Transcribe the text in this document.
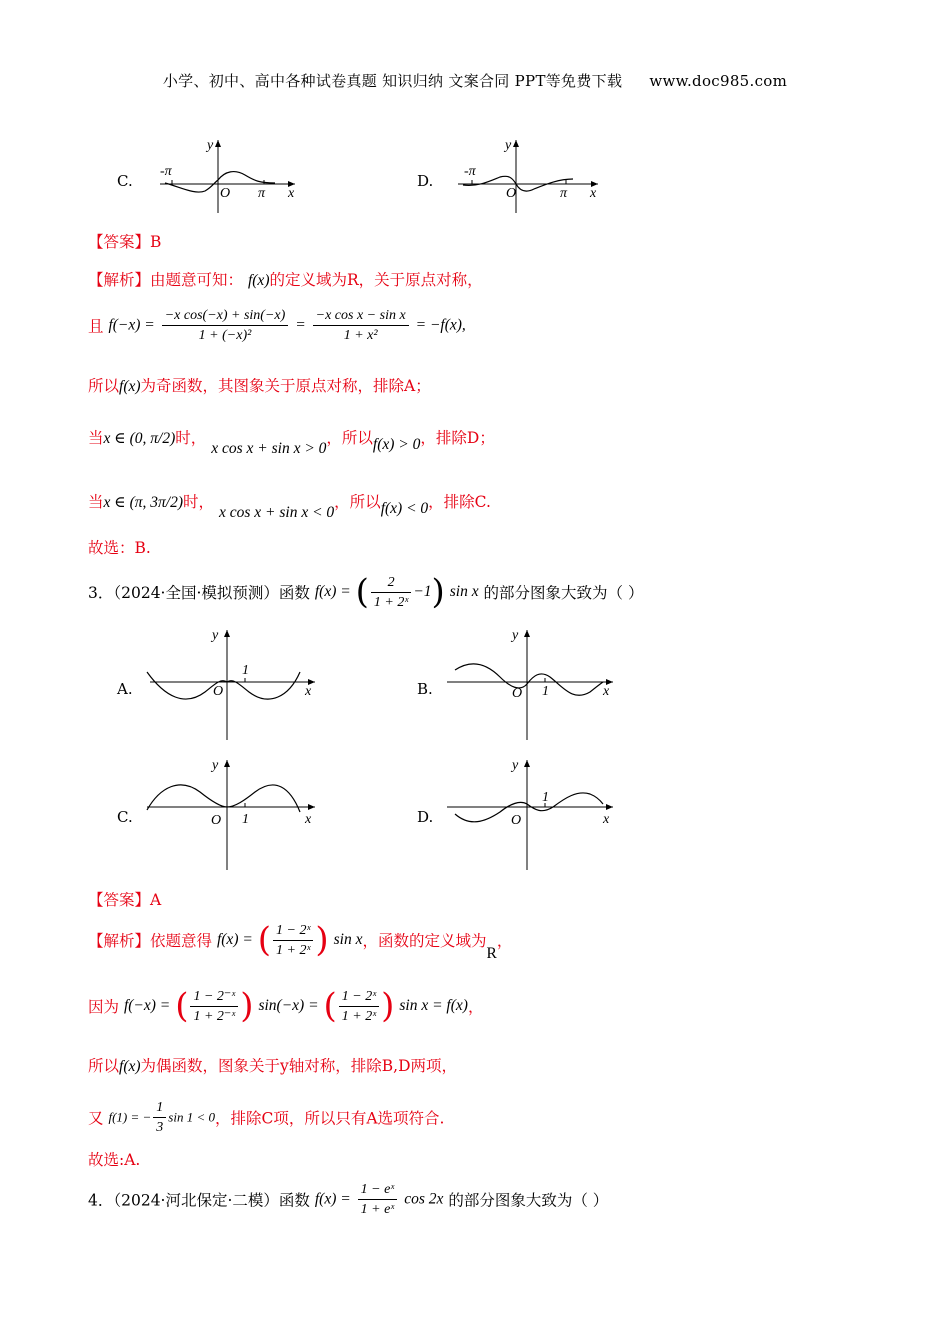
小学、初中、高中各种试卷真题 知识归纳 文案合同 PPT等免费下载 www.doc985.com
C.	D.
-π
π
y
x
O
-π
π
y
x
O
【答案】B
【解析】由题意可知： f(x)的定义域为R，关于原点对称，
且 $f(-x) = \frac{\text{−x cos(−x) + sin(−x)}}{\text{1 + (−x)²}} = \frac{\text{−x cos x − sin x}}{\text{1 + x²}} = -f(x)$,
所以f(x)为奇函数，其图象关于原点对称，排除A；
当x ∈ (0, π/2)时， x cos x + sin x > 0，所以f(x) > 0，排除D；
当x ∈ (π, 3π/2)时， x cos x + sin x < 0，所以f(x) < 0，排除C.
故选：B.
3．（2024·全国·模拟预测）函数 f(x) = ( $\frac{2}{\text{1 + 2ˣ}} -1$) sin x 的部分图象大致为（ ）
A.	B.
C.	D.
1
y
x
O	1
y
x
O
1
y
x
O
1
y
x
O
【答案】A
【解析】依题意得 f(x) = ( $\frac{\text{1 − 2ˣ}}{\text{1 + 2ˣ}}$ ) sin x，函数的定义域为R，
因为 f(−x) = ( $\frac{\text{1 − 2⁻ˣ}}{\text{1 + 2⁻ˣ}}$ ) sin(−x) = ( $\frac{\text{1 − 2ˣ}}{\text{1 + 2ˣ}}$ ) sin x = f(x)，
所以f(x)为偶函数，图象关于y轴对称，排除B,D两项，
又 f(1) = − $\frac{1}{3}$ sin 1 < 0，排除C项，所以只有A选项符合.
故选:A.
4．（2024·河北保定·二模）函数 $f(x) = \frac{\text{1 − eˣ}}{\text{1 + eˣ}}$ cos 2x 的部分图象大致为（ ）
